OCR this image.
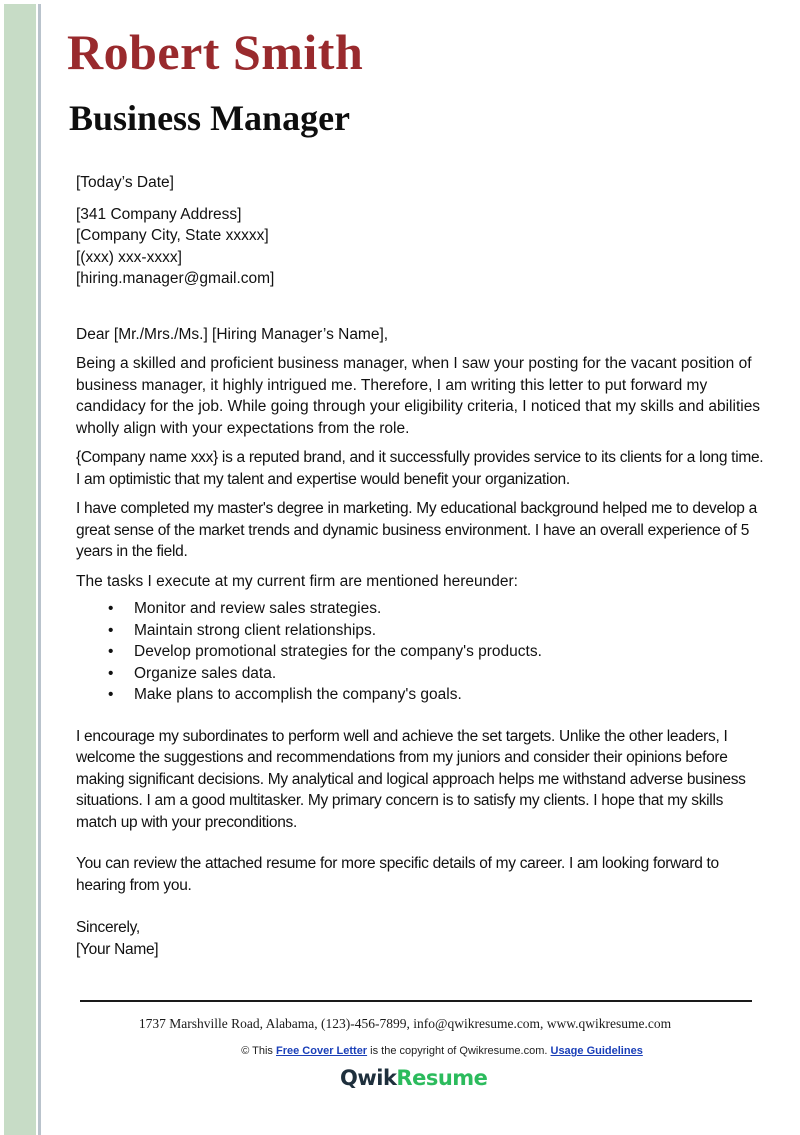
Robert Smith
Business Manager

[Today’s Date]

[341 Company Address]
[Company City, State xxxxx]
[(xxx) xxx-xxxx]
[hiring.manager@gmail.com]

Dear [Mr./Mrs./Ms.] [Hiring Manager’s Name],

Being a skilled and proficient business manager, when I saw your posting for the vacant position of business manager, it highly intrigued me. Therefore, I am writing this letter to put forward my candidacy for the job. While going through your eligibility criteria, I noticed that my skills and abilities wholly align with your expectations from the role.

{Company name xxx} is a reputed brand, and it successfully provides service to its clients for a long time. I am optimistic that my talent and expertise would benefit your organization.

I have completed my master's degree in marketing. My educational background helped me to develop a great sense of the market trends and dynamic business environment. I have an overall experience of 5 years in the field.

The tasks I execute at my current firm are mentioned hereunder:

• Monitor and review sales strategies.
• Maintain strong client relationships.
• Develop promotional strategies for the company's products.
• Organize sales data.
• Make plans to accomplish the company's goals.

I encourage my subordinates to perform well and achieve the set targets. Unlike the other leaders, I welcome the suggestions and recommendations from my juniors and consider their opinions before making significant decisions. My analytical and logical approach helps me withstand adverse business situations. I am a good multitasker. My primary concern is to satisfy my clients. I hope that my skills match up with your preconditions.

You can review the attached resume for more specific details of my career. I am looking forward to hearing from you.

Sincerely,
[Your Name]

1737 Marshville Road, Alabama, (123)-456-7899, info@qwikresume.com, www.qwikresume.com
© This Free Cover Letter is the copyright of Qwikresume.com. Usage Guidelines
QwikResume
